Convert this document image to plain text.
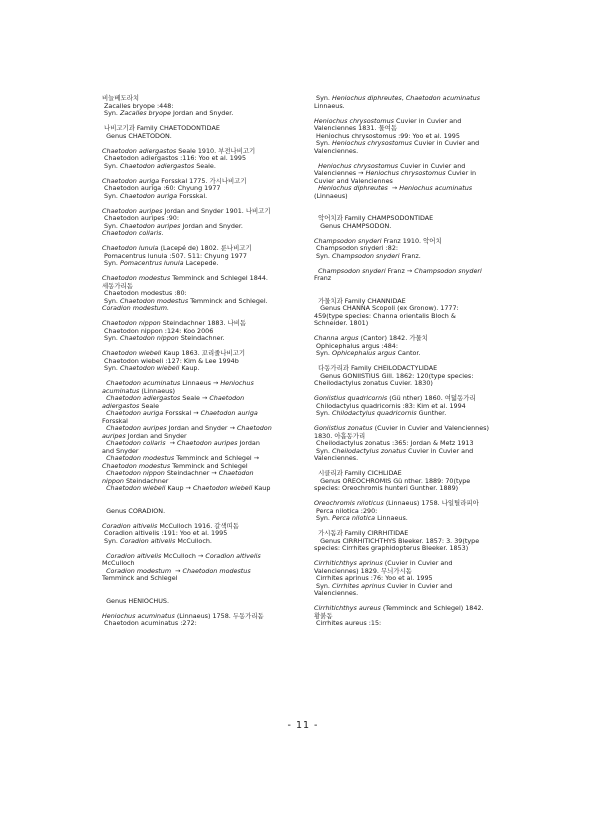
비늘베도라치
Zacalles bryope :448:
Syn. Zacalles bryope Jordan and Snyder.
나비고기과 Family CHAETODONTIDAE
Genus CHAETODON.
Chaetodon adiergastos Seale 1910. 부전나비고기
Chaetodon adiergastos :116: Yoo et al. 1995
Syn. Chaetodon adiergastos Seale.
Chaetodon auriga Forsskal 1775. 가시나비고기
Chaetodon auriga :60: Chyung 1977
Syn. Chaetodon auriga Forsskal.
Chaetodon auripes Jordan and Snyder 1901. 나비고기
Chaetodon auripes :90:
Syn. Chaetodon auripes Jordan and Snyder.
Chaetodon collaris.
Chaetodon lunula (Lacepé de) 1802. 룬나비고기
Pomacentrus lunula :507. 511: Chyung 1977
Syn. Pomacentrus lunula Lacepede.
Chaetodon modestus Temminck and Schlegel 1844.
세동가리돔
Chaetodon modestus :80:
Syn. Chaetodon modestus Temminck and Schlegel.
Coradion modestum.
Chaetodon nippon Steindachner 1883. 나비돔
Chaetodon nippon :124: Koo 2006
Syn. Chaetodon nippon Steindachner.
Chaetodon wiebeli Kaup 1863. 꼬리줄나비고기
Chaetodon wiebeli :127: Kim & Lee 1994b
Syn. Chaetodon wiebeli Kaup.
Chaetodon acuminatus Linnaeus → Heniochus
acuminatus (Linnaeus)
Chaetodon adiergastos Seale → Chaetodon
adiergastos Seale
Chaetodon auriga Forsskal → Chaetodon auriga
Forsskal
Chaetodon auripes Jordan and Snyder → Chaetodon
auripes Jordan and Snyder
Chaetodon collaris  → Chaetodon auripes Jordan
and Snyder
Chaetodon modestus Temminck and Schlegel →
Chaetodon modestus Temminck and Schlegel
Chaetodon nippon Steindachner → Chaetodon
nippon Steindachner
Chaetodon wiebeli Kaup → Chaetodon wiebeli Kaup
Genus CORADION.
Coradion altivelis McCulloch 1916. 갈색띠돔
Coradion altivelis :191: Yoo et al. 1995
Syn. Coradion altivelis McCulloch.
Coradion altivelis McCulloch → Coradion altivelis
McCulloch
Coradion modestum  → Chaetodon modestus
Temminck and Schlegel
Genus HENIOCHUS.
Heniochus acuminatus (Linnaeus) 1758. 두동가리돔
Chaetodon acuminatus :272:
Syn. Heniochus diphreutes, Chaetodon acuminatus
Linnaeus.
Heniochus chrysostomus Cuvier in Cuvier and
Valenciennes 1831. 물여돔
Heniochus chrysostomus :99: Yoo et al. 1995
Syn. Heniochus chrysostomus Cuvier in Cuvier and
Valenciennes.
Heniochus chrysostomus Cuvier in Cuvier and
Valenciennes → Heniochus chrysostomus Cuvier in
Cuvier and Valenciennes
Heniochus diphreutes  → Heniochus acuminatus
(Linnaeus)
악어치과 Family CHAMPSODONTIDAE
Genus CHAMPSODON.
Champsodon snyderi Franz 1910. 악어치
Champsodon snyderi :82:
Syn. Champsodon snyderi Franz.
Champsodon snyderi Franz → Champsodon snyderi
Franz
가물치과 Family CHANNIDAE
Genus CHANNA Scopoli (ex Gronow). 1777:
459(type species: Channa orientalis Bloch &
Schneider. 1801)
Channa argus (Cantor) 1842. 가물치
Ophicephalus argus :484:
Syn. Ophicephalus argus Cantor.
다동가리과 Family CHEILODACTYLIDAE
Genus GONIISTIUS Gill. 1862: 120(type species:
Cheilodactylus zonatus Cuvier. 1830)
Goniistius quadricornis (Gü nther) 1860. 여덟동가리
Chilodactylus quadricornis :83: Kim et al. 1994
Syn. Chilodactylus quadricornis Gunther.
Goniistius zonatus (Cuvier in Cuvier and Valenciennes)
1830. 아홉동가리
Cheilodactylus zonatus :365: Jordan & Metz 1913
Syn. Cheilodactylus zonatus Cuvier in Cuvier and
Valenciennes.
시클리과 Family CICHLIDAE
Genus OREOCHROMIS Gü nther. 1889: 70(type
species: Oreochromis hunteri Gunther. 1889)
Oreochromis niloticus (Linnaeus) 1758. 나일틸라피아
Perca nilotica :290:
Syn. Perca nilotica Linnaeus.
가시돔과 Family CIRRHITIDAE
Genus CIRRHITICHTHYS Bleeker. 1857: 3. 39(type
species: Cirrhites graphidopterus Bleeker. 1853)
Cirrhitichthys aprinus (Cuvier in Cuvier and
Valenciennes) 1829. 무늬가시돔
Cirrhites aprinus :76: Yoo et al. 1995
Syn. Cirrhites aprinus Cuvier in Cuvier and
Valenciennes.
Cirrhitichthys aureus (Temminck and Schlegel) 1842.
황붉돔
Cirrhites aureus :15:
- 11 -
